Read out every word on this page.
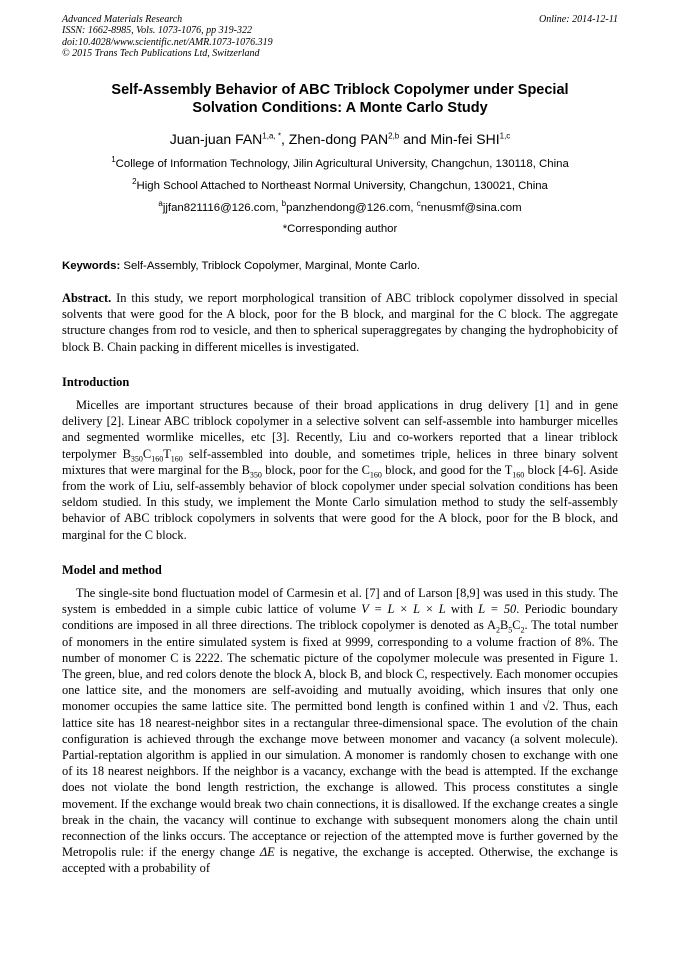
Advanced Materials Research
ISSN: 1662-8985, Vols. 1073-1076, pp 319-322
doi:10.4028/www.scientific.net/AMR.1073-1076.319
© 2015 Trans Tech Publications Ltd, Switzerland
Online: 2014-12-11
Self-Assembly Behavior of ABC Triblock Copolymer under Special
Solvation Conditions: A Monte Carlo Study
Juan-juan $FAN^{1,a, *}$, Zhen-dong PAN$^{2,b}$ and Min-fei SHI$^{1,c}$
$^1$College of Information Technology, Jilin Agricultural University, Changchun, 130118, China
$^2$High School Attached to Northeast Normal University, Changchun, 130021, China
$^a$jjfan821116@126.com, $^b$panzhendong@126.com, $^c$nenusmf@sina.com
*Corresponding author
Keywords: Self-Assembly, Triblock Copolymer, Marginal, Monte Carlo.
Abstract. In this study, we report morphological transition of ABC triblock copolymer dissolved in special solvents that were good for the A block, poor for the B block, and marginal for the C block. The aggregate structure changes from rod to vesicle, and then to spherical superaggregates by changing the hydrophobicity of block B. Chain packing in different micelles is investigated.
Introduction
Micelles are important structures because of their broad applications in drug delivery [1] and in gene delivery [2]. Linear ABC triblock copolymer in a selective solvent can self-assemble into hamburger micelles and segmented wormlike micelles, etc [3]. Recently, Liu and co-workers reported that a linear triblock terpolymer $B_{350}C_{160}T_{160}$ self-assembled into double, and sometimes triple, helices in three binary solvent mixtures that were marginal for the $B_{350}$ block, poor for the $C_{160}$ block, and good for the $T_{160}$ block [4-6]. Aside from the work of Liu, self-assembly behavior of block copolymer under special solvation conditions has been seldom studied. In this study, we implement the Monte Carlo simulation method to study the self-assembly behavior of ABC triblock copolymers in solvents that were good for the A block, poor for the B block, and marginal for the C block.
Model and method
The single-site bond fluctuation model of Carmesin et al. [7] and of Larson [8,9] was used in this study. The system is embedded in a simple cubic lattice of volume V = L × L × L with L = 50. Periodic boundary conditions are imposed in all three directions. The triblock copolymer is denoted as $A_2B_5C_2$. The total number of monomers in the entire simulated system is fixed at 9999, corresponding to a volume fraction of 8%. The number of monomer C is 2222. The schematic picture of the copolymer molecule was presented in Figure 1. The green, blue, and red colors denote the block A, block B, and block C, respectively. Each monomer occupies one lattice site, and the monomers are self-avoiding and mutually avoiding, which insures that only one monomer occupies the same lattice site. The permitted bond length is confined within 1 and √2. Thus, each lattice site has 18 nearest-neighbor sites in a rectangular three-dimensional space. The evolution of the chain configuration is achieved through the exchange move between monomer and vacancy (a solvent molecule). Partial-reptation algorithm is applied in our simulation. A monomer is randomly chosen to exchange with one of its 18 nearest neighbors. If the neighbor is a vacancy, exchange with the bead is attempted. If the exchange does not violate the bond length restriction, the exchange is allowed. This process constitutes a single movement. If the exchange would break two chain connections, it is disallowed. If the exchange creates a single break in the chain, the vacancy will continue to exchange with subsequent monomers along the chain until reconnection of the links occurs. The acceptance or rejection of the attempted move is further governed by the Metropolis rule: if the energy change ΔE is negative, the exchange is accepted. Otherwise, the exchange is accepted with a probability of
